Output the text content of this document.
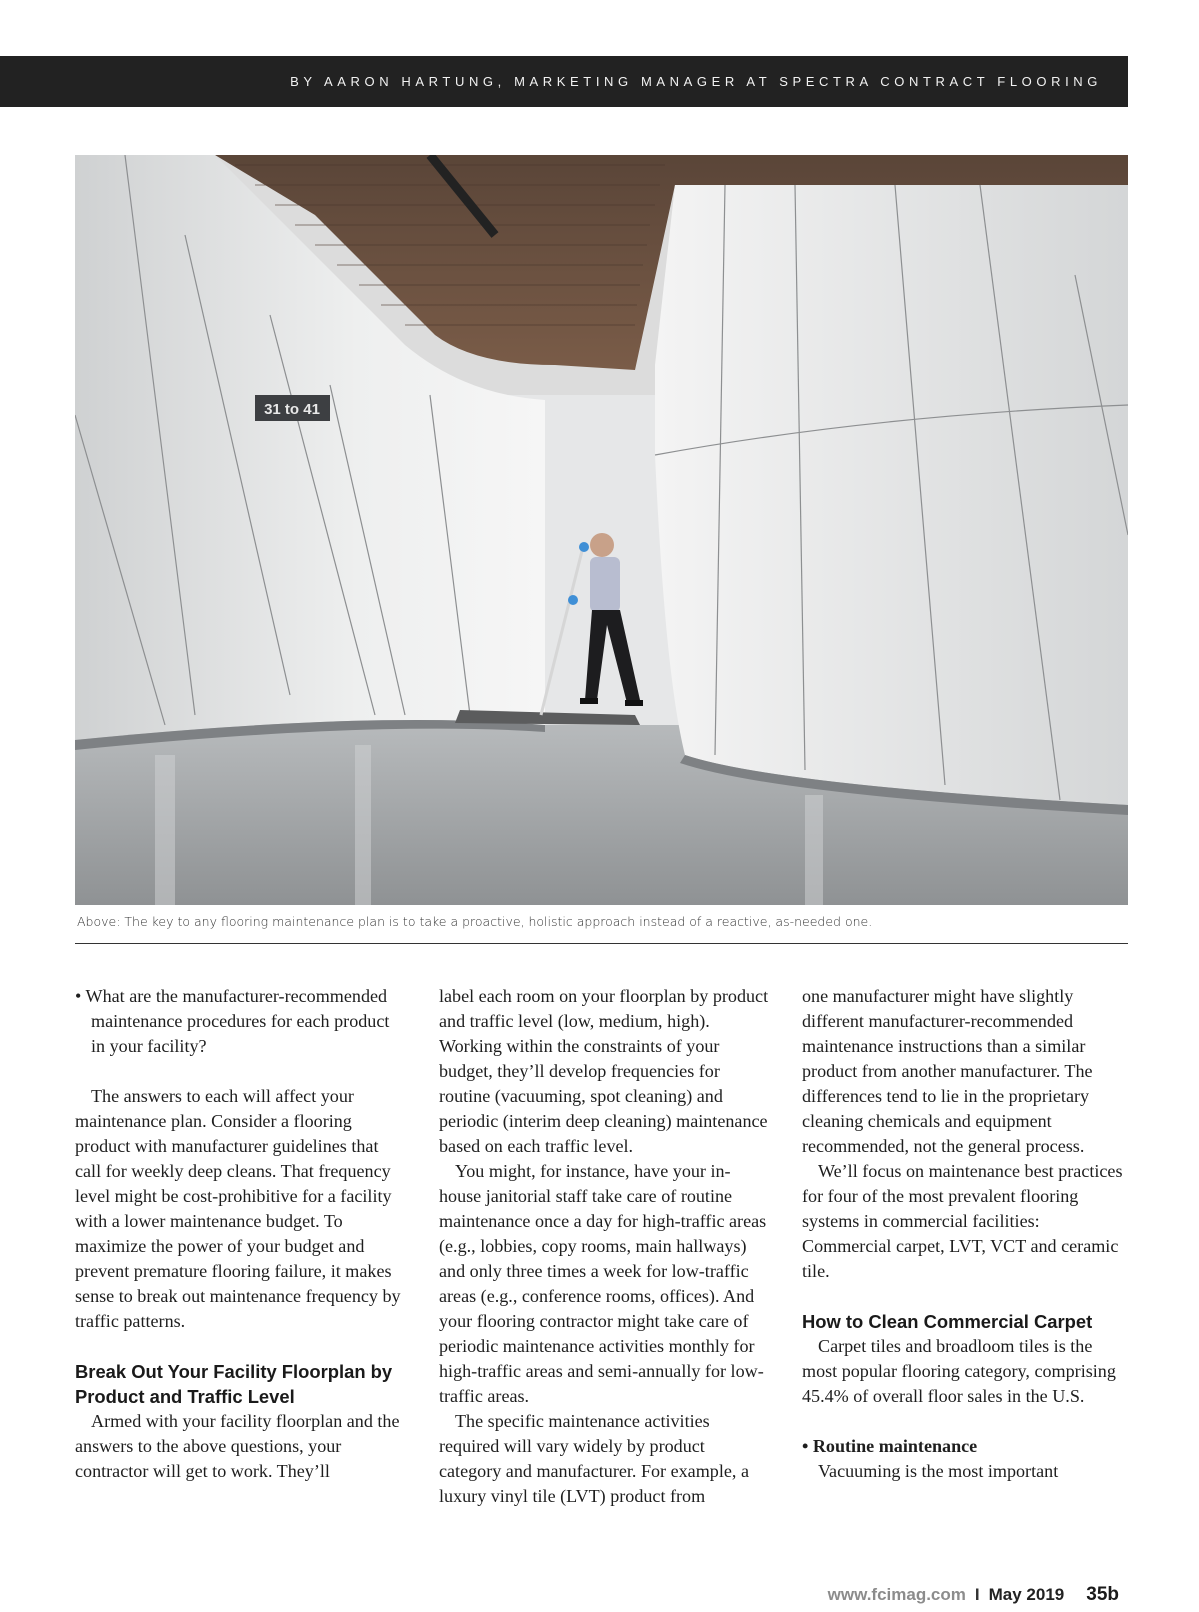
BY AARON HARTUNG, MARKETING MANAGER AT SPECTRA CONTRACT FLOORING
31 to 41
Above: The key to any flooring maintenance plan is to take a proactive, holistic approach instead of a reactive, as-needed one.

• What are the manufacturer-recommended maintenance procedures for each product in your facility?

The answers to each will affect your maintenance plan. Consider a flooring product with manufacturer guidelines that call for weekly deep cleans. That frequency level might be cost-prohibitive for a facility with a lower maintenance budget. To maximize the power of your budget and prevent premature flooring failure, it makes sense to break out maintenance frequency by traffic patterns.

Break Out Your Facility Floorplan by Product and Traffic Level

Armed with your facility floorplan and the answers to the above questions, your contractor will get to work. They’ll

label each room on your floorplan by product and traffic level (low, medium, high). Working within the constraints of your budget, they’ll develop frequencies for routine (vacuuming, spot cleaning) and periodic (interim deep cleaning) maintenance based on each traffic level.

You might, for instance, have your in-house janitorial staff take care of routine maintenance once a day for high-traffic areas (e.g., lobbies, copy rooms, main hallways) and only three times a week for low-traffic areas (e.g., conference rooms, offices). And your flooring contractor might take care of periodic maintenance activities monthly for high-traffic areas and semi-annually for low-traffic areas.

The specific maintenance activities required will vary widely by product category and manufacturer. For example, a luxury vinyl tile (LVT) product from

one manufacturer might have slightly different manufacturer-recommended maintenance instructions than a similar product from another manufacturer. The differences tend to lie in the proprietary cleaning chemicals and equipment recommended, not the general process.

We’ll focus on maintenance best practices for four of the most prevalent flooring systems in commercial facilities: Commercial carpet, LVT, VCT and ceramic tile.

How to Clean Commercial Carpet

Carpet tiles and broadloom tiles is the most popular flooring category, comprising 45.4% of overall floor sales in the U.S.

• Routine maintenance

Vacuuming is the most important

www.fcimag.com I May 2019 35b
